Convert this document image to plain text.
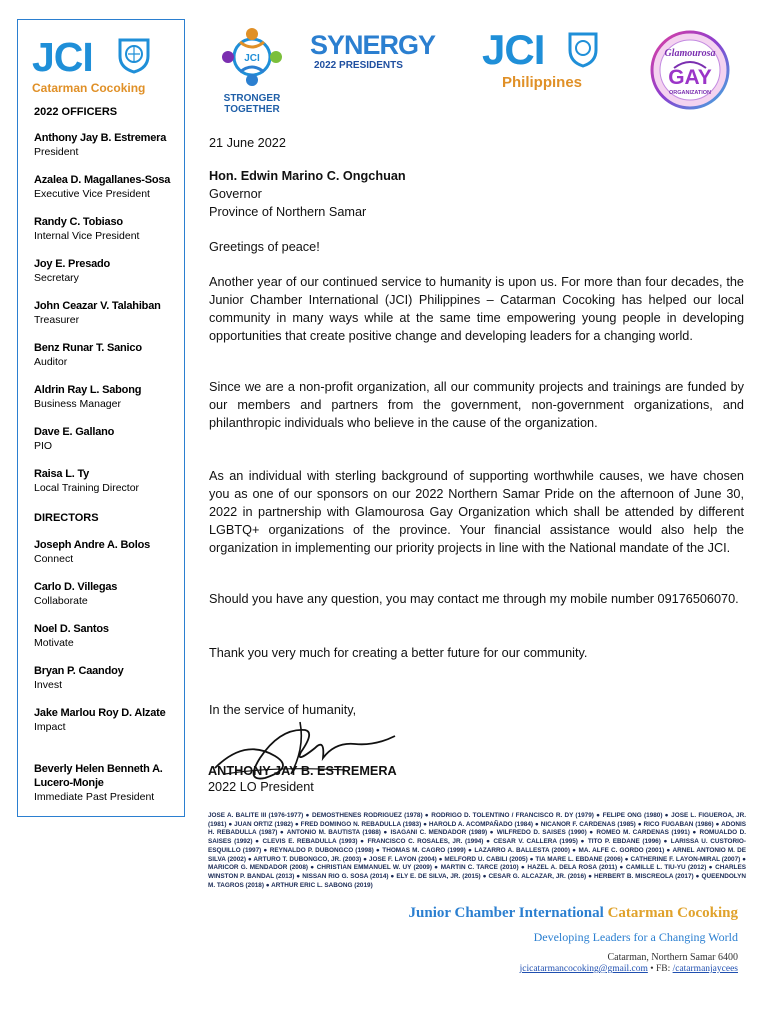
JCI
Catarman Cocoking
2022 OFFICERS
Anthony Jay B. Estremera
President
Azalea D. Magallanes-Sosa
Executive Vice President
Randy C. Tobiaso
Internal Vice President
Joy E. Presado
Secretary
John Ceazar V. Talahiban
Treasurer
Benz Runar T. Sanico
Auditor
Aldrin Ray L. Sabong
Business Manager
Dave E. Gallano
PIO
Raisa L. Ty
Local Training Director
DIRECTORS
Joseph Andre A. Bolos
Connect
Carlo D. Villegas
Collaborate
Noel D. Santos
Motivate
Bryan P. Caandoy
Invest
Jake Marlou Roy D. Alzate
Impact
Beverly Helen Benneth A.
Lucero-Monje
Immediate Past President
JCI
STRONGER
TOGETHER
SYNERGY
2022 PRESIDENTS	JCI
Philippines
Glamourosa
GAY
ORGANIZATION
21 June 2022
Hon. Edwin Marino C. Ongchuan
Governor
Province of Northern Samar
Greetings of peace!

Another year of our continued service to humanity is upon us. For more than four decades, the Junior Chamber International (JCI) Philippines – Catarman Cocoking has helped our local community in many ways while at the same time empowering young people in developing opportunities that create positive change and developing leaders for a changing world.

Since we are a non-profit organization, all our community projects and trainings are funded by our members and partners from the government, non-government organizations, and philanthropic individuals who believe in the cause of the organization.

As an individual with sterling background of supporting worthwhile causes, we have chosen you as one of our sponsors on our 2022 Northern Samar Pride on the afternoon of June 30, 2022 in partnership with Glamourosa Gay Organization which shall be attended by different LGBTQ+ organizations of the province. Your financial assistance would also help the organization in implementing our priority projects in line with the National mandate of the JCI.

Should you have any question, you may contact me through my mobile number 09176506070.

Thank you very much for creating a better future for our community.

In the service of humanity,
ANTHONY JAY B. ESTREMERA
2022 LO President
JOSE A. BALITE III (1976-1977) ● DEMOSTHENES RODRIGUEZ (1978) ● RODRIGO D. TOLENTINO / FRANCISCO R. DY (1979) ● FELIPE ONG (1980) ● JOSE L. FIGUEROA, JR. (1981) ● JUAN ORTIZ (1982) ● FRED DOMINGO N. REBADULLA (1983) ● HAROLD A. ACOMPAÑADO (1984) ● NICANOR F. CARDENAS (1985) ● RICO FUGABAN (1986) ● ADONIS H. REBADULLA (1987) ● ANTONIO M. BAUTISTA (1988) ● ISAGANI C. MENDADOR (1989) ● WILFREDO D. SAISES (1990) ● ROMEO M. CARDENAS (1991) ● ROMUALDO D. SAISES (1992) ● CLEVIS E. REBADULLA (1993) ● FRANCISCO C. ROSALES, JR. (1994) ● CESAR V. CALLERA (1995) ● TITO P. EBDANE (1996) ● LARISSA U. CUSTORIO-ESQUILLO (1997) ● REYNALDO P. DUBONGCO (1998) ● THOMAS M. CAGRO (1999) ● LAZARRO A. BALLESTA (2000) ● MA. ALFE C. GORDO (2001) ● ARNEL ANTONIO M. DE SILVA (2002) ● ARTURO T. DUBONGCO, JR. (2003) ● JOSE F. LAYON (2004) ● MELFORD U. CABILI (2005) ● TIA MARE L. EBDANE (2006) ● CATHERINE F. LAYON-MIRAL (2007) ● MARICOR G. MENDADOR (2008) ● CHRISTIAN EMMANUEL W. UY (2009) ● MARTIN C. TARCE (2010) ● HAZEL A. DELA ROSA (2011) ● CAMILLE L. TIU-YU (2012) ● CHARLES WINSTON P. BANDAL (2013) ● NISSAN RIO G. SOSA (2014) ● ELY E. DE SILVA, JR. (2015) ● CESAR G. ALCAZAR, JR. (2016) ● HERBERT B. MISCREOLA (2017) ● QUEENDOLYN M. TAGROS (2018) ● ARTHUR ERIC L. SABONG (2019)
Junior Chamber International Catarman Cocoking
Developing Leaders for a Changing World
Catarman, Northern Samar 6400
jcicatarmancocoking@gmail.com • FB: /catarmanjaycees
